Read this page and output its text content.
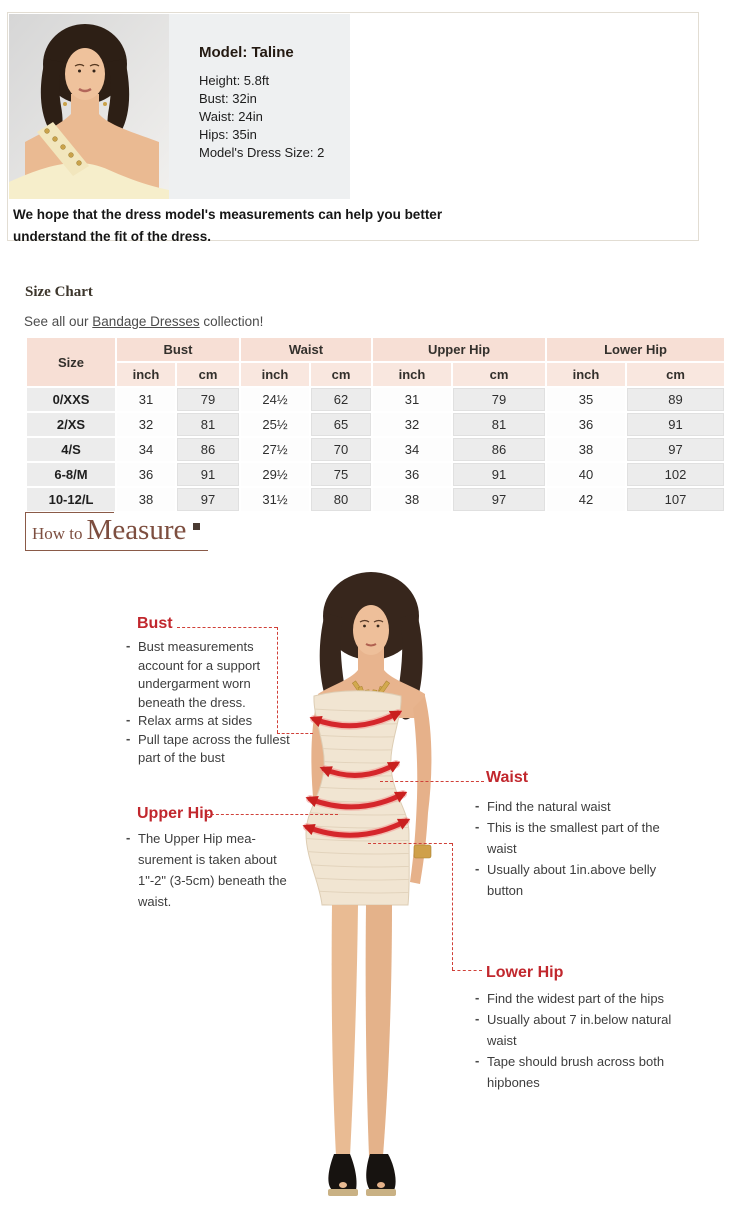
Model: Taline
Height: 5.8ft
Bust: 32in
Waist: 24in
Hips: 35in
Model's Dress Size: 2
We hope that the dress model's measurements can help you better understand the fit of the dress.
Size Chart

See all our Bandage Dresses collection!

Size	Bust		Waist		Upper Hip		Lower Hip	
	inch	cm	inch	cm	inch	cm	inch	cm
0/XXS	31	79	24½	62	31	79	35	89
2/XS	32	81	25½	65	32	81	36	91
4/S	34	86	27½	70	34	86	38	97
6-8/M	36	91	29½	75	36	91	40	102
10-12/L	38	97	31½	80	38	97	42	107
How to Measure
Bust
- Bust measurements account for a support undergarment worn beneath the dress.
- Relax arms at sides
- Pull tape across the fullest part of the bust
Waist
- Find the natural waist
- This is the smallest part of the waist
- Usually about 1in.above belly button
Upper Hip
- The Upper Hip mea-surement is taken about 1"-2" (3-5cm) beneath the waist.
Lower Hip
- Find the widest part of the hips
- Usually about 7 in.below natural waist
- Tape should brush across both hipbones
